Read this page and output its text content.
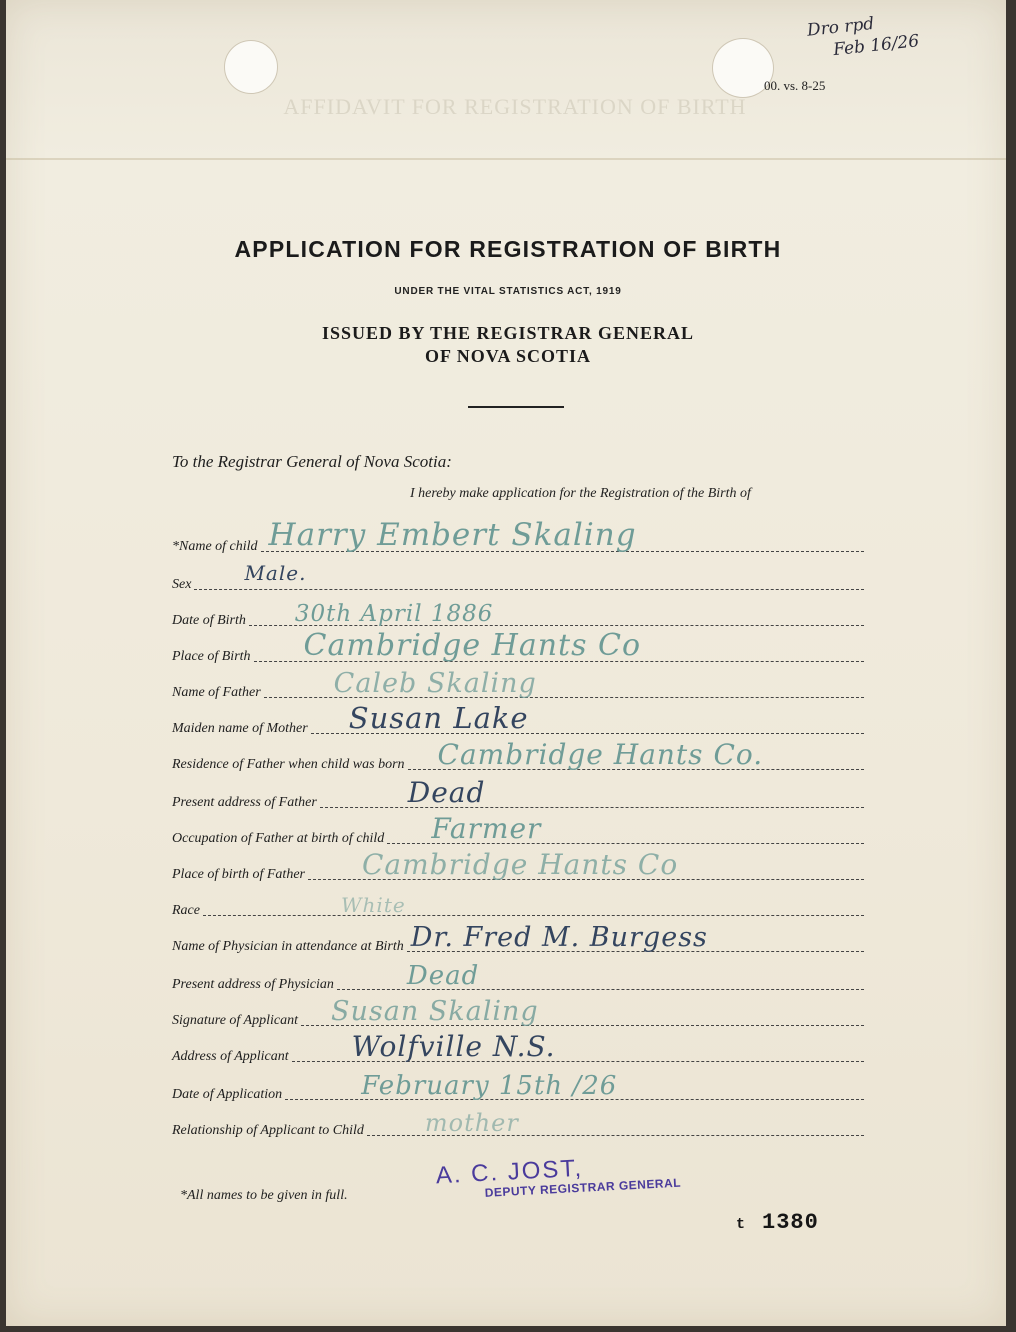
AFFIDAVIT FOR REGISTRATION OF BIRTH
00. vs. 8-25
Dro rpd
Feb 16/26
APPLICATION FOR REGISTRATION OF BIRTH
UNDER THE VITAL STATISTICS ACT, 1919
ISSUED BY THE REGISTRAR GENERAL
OF NOVA SCOTIA
To the Registrar General of Nova Scotia:
I hereby make application for the Registration of the Birth of
*Name of child Harry Embert Skaling
Sex	Male.
Date of Birth 30th April 1886
Place of Birth Cambridge Hants Co
Name of Father	Caleb Skaling
Maiden name of Mother Susan Lake
Residence of Father when child was born Cambridge Hants Co.
Present address of Father	Dead
Occupation of Father at birth of child Farmer
Place of birth of Father Cambridge Hants Co
Race	White
Name of Physician in attendance at Birth Dr. Fred M. Burgess
Present address of Physician	Dead
Signature of Applicant Susan Skaling
Address of Applicant Wolfville N.S.
Date of Application	February 15th /26
Relationship of Applicant to Child	mother
A. C. JOST,
DEPUTY REGISTRAR GENERAL
*All names to be given in full.
t 1380
